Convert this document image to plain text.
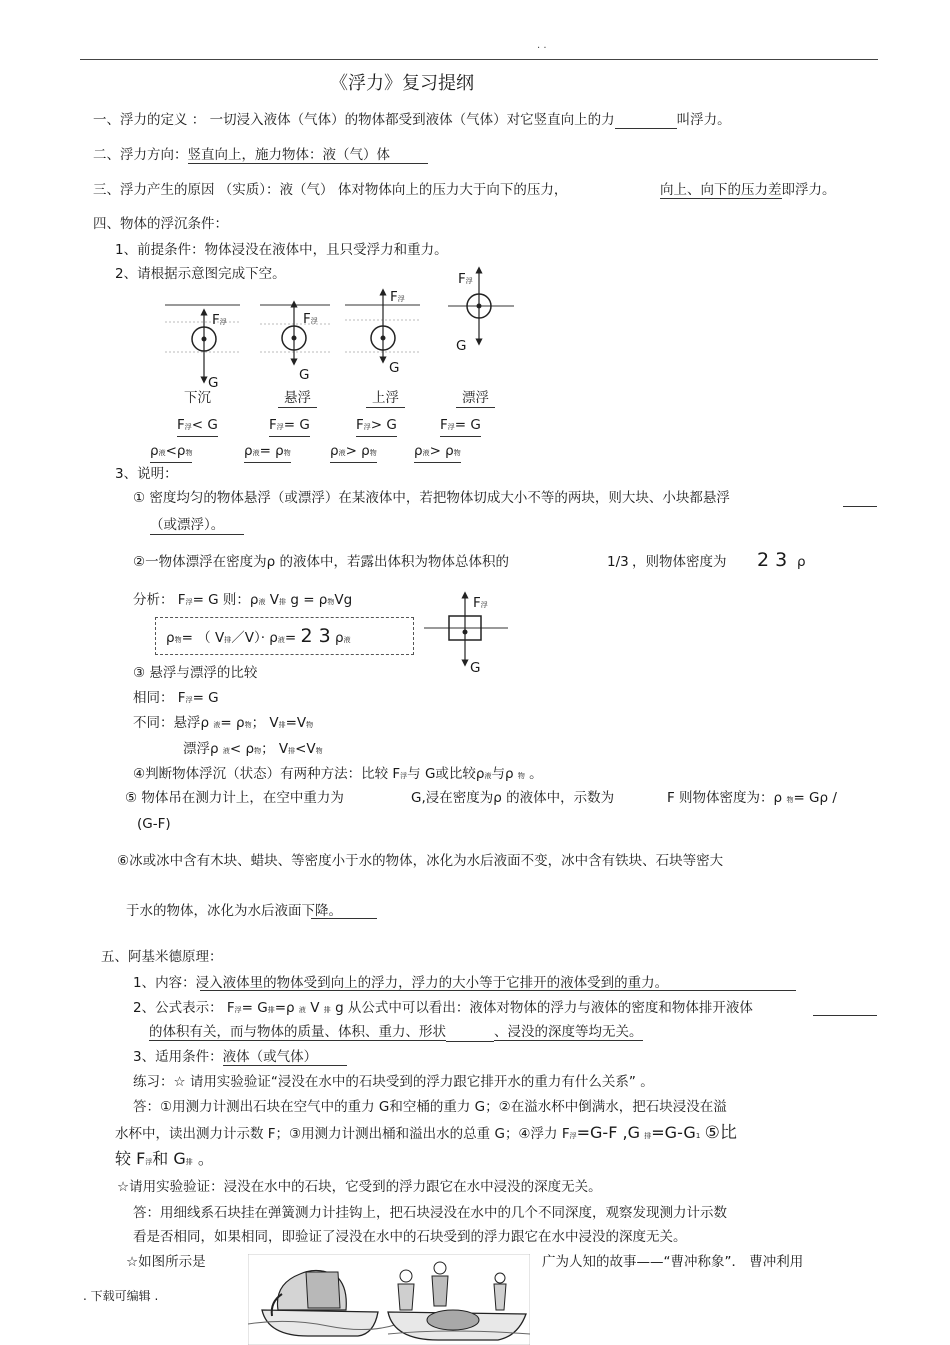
. .
《浮力》复习提纲
一、浮力的定义 ： 一切浸入液体（气体）的物体都受到液体（气体）对它竖直向上的力	叫浮力。
二、浮力方向：竖直向上，施力物体：液（气）体
三、浮力产生的原因 （实质）：液（气） 体对物体向上的压力大于向下的压力，	向上、向下的压力差即浮力。
四、物体的浮沉条件：
1、前提条件：物体浸没在液体中，且只受浮力和重力。
2、请根据示意图完成下空。
F浮
G
F浮
G
F浮
G
F浮
G
下沉	悬浮	上浮	漂浮
F浮< G	F浮= G	F浮> G	F浮= G
ρ液<ρ物	ρ液= ρ物	ρ液> ρ物	ρ液> ρ物
3、说明：
① 密度均匀的物体悬浮（或漂浮）在某液体中，若把物体切成大小不等的两块，则大块、小块都悬浮
（或漂浮）。
②一物体漂浮在密度为ρ 的液体中，若露出体积为物体总体积的	1/3 ，则物体密度为 2 3 ρ
分析： F浮= G 则：ρ液 V排 g = ρ物Vg
ρ物= （ V排／V）· ρ液= 2 3 ρ液
F浮
G
③ 悬浮与漂浮的比较
相同： F浮= G
不同：悬浮ρ 液= ρ物； V排=V物
漂浮ρ 液< ρ物； V排<V物
④判断物体浮沉（状态）有两种方法：比较 F浮与 G或比较ρ液与ρ 物 。
⑤ 物体吊在测力计上，在空中重力为	G,浸在密度为ρ 的液体中，示数为	F 则物体密度为：ρ 物= Gρ /
(G-F)
⑥冰或冰中含有木块、蜡块、等密度小于水的物体，冰化为水后液面不变，冰中含有铁块、石块等密大
于水的物体，冰化为水后液面下降。
五、阿基米德原理：
1、内容：浸入液体里的物体受到向上的浮力，浮力的大小等于它排开的液体受到的重力。
2、公式表示： F浮= G排=ρ 液 V 排 g 从公式中可以看出：液体对物体的浮力与液体的密度和物体排开液体
的体积有关，而与物体的质量、体积、重力、形状	、浸没的深度等均无关。
3、适用条件：液体（或气体）
练习：☆ 请用实验验证“浸没在水中的石块受到的浮力跟它排开水的重力有什么关系” 。
答：①用测力计测出石块在空气中的重力 G和空桶的重力 G；②在溢水杯中倒满水，把石块浸没在溢
水杯中，读出测力计示数 F；③用测力计测出桶和溢出水的总重 G；④浮力 F浮=G-F ,G 排=G-G1 ⑤比
较 F浮和 G排 。
☆请用实验验证：浸没在水中的石块，它受到的浮力跟它在水中浸没的深度无关。
答：用细线系石块挂在弹簧测力计挂钩上，把石块浸没在水中的几个不同深度，观察发现测力计示数
看是否相同，如果相同，即验证了浸没在水中的石块受到的浮力跟它在水中浸没的深度无关。
☆如图所示是	广为人知的故事——“曹冲称象”． 曹冲利用
. 下载可编辑 .
